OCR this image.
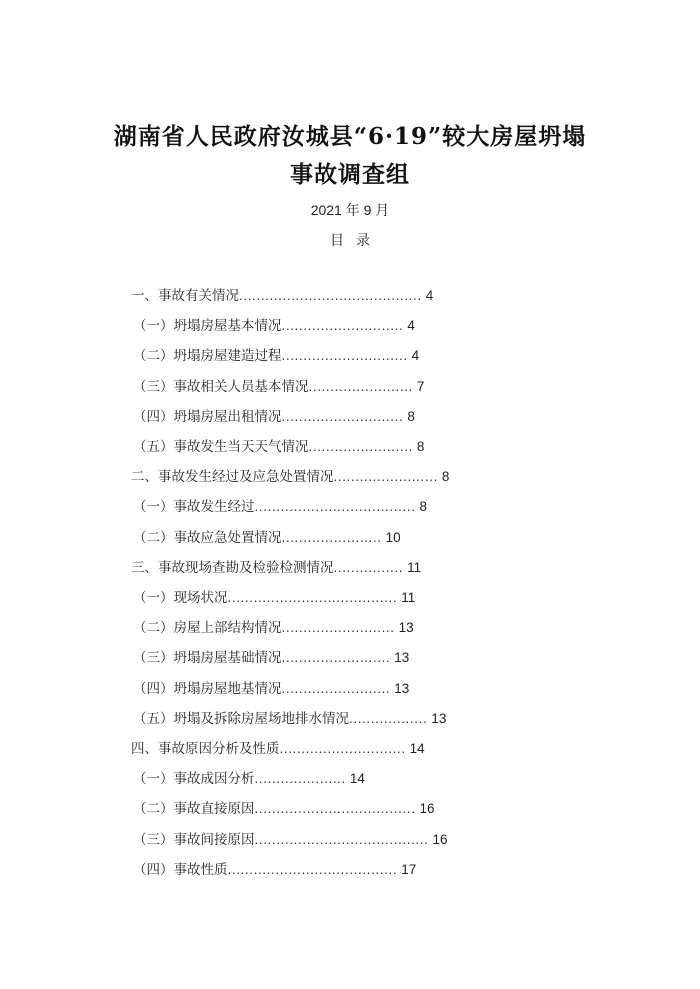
湖南省人民政府汝城县“6·19”较大房屋坍塌
事故调查组
2021 年 9 月
目录
一、事故有关情况.......................................... 4
（一）坍塌房屋基本情况............................ 4
（二）坍塌房屋建造过程............................. 4
（三）事故相关人员基本情况........................ 7
（四）坍塌房屋出租情况............................ 8
（五）事故发生当天天气情况........................ 8
二、事故发生经过及应急处置情况........................ 8
（一）事故发生经过..................................... 8
（二）事故应急处置情况....................... 10
三、事故现场查勘及检验检测情况................ 11
（一）现场状况....................................... 11
（二）房屋上部结构情况.......................... 13
（三）坍塌房屋基础情况......................... 13
（四）坍塌房屋地基情况......................... 13
（五）坍塌及拆除房屋场地排水情况.................. 13
四、事故原因分析及性质............................. 14
（一）事故成因分析..................... 14
（二）事故直接原因..................................... 16
（三）事故间接原因........................................ 16
（四）事故性质....................................... 17
